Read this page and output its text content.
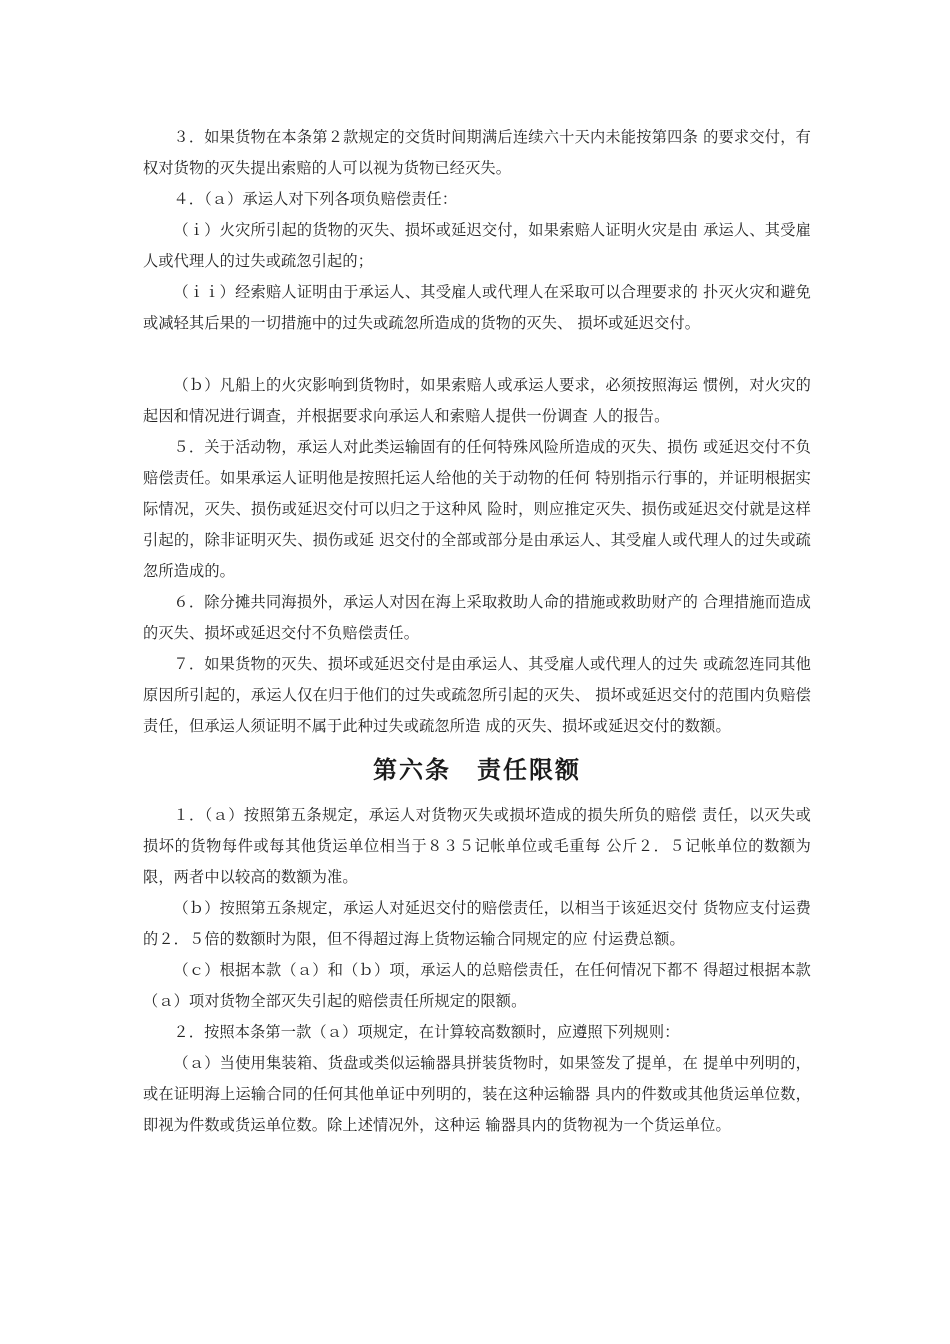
３．如果货物在本条第２款规定的交货时间期满后连续六十天内未能按第四条 的要求交付，有权对货物的灭失提出索赔的人可以视为货物已经灭失。

４．（ａ）承运人对下列各项负赔偿责任：

（ｉ）火灾所引起的货物的灭失、损坏或延迟交付，如果索赔人证明火灾是由 承运人、其受雇人或代理人的过失或疏忽引起的；

（ｉｉ）经索赔人证明由于承运人、其受雇人或代理人在采取可以合理要求的 扑灭火灾和避免或减轻其后果的一切措施中的过失或疏忽所造成的货物的灭失、 损坏或延迟交付。

（ｂ）凡船上的火灾影响到货物时，如果索赔人或承运人要求，必须按照海运 惯例，对火灾的起因和情况进行调查，并根据要求向承运人和索赔人提供一份调查 人的报告。

５．关于活动物，承运人对此类运输固有的任何特殊风险所造成的灭失、损伤 或延迟交付不负赔偿责任。如果承运人证明他是按照托运人给他的关于动物的任何 特别指示行事的，并证明根据实际情况，灭失、损伤或延迟交付可以归之于这种风 险时，则应推定灭失、损伤或延迟交付就是这样引起的，除非证明灭失、损伤或延 迟交付的全部或部分是由承运人、其受雇人或代理人的过失或疏忽所造成的。

６．除分摊共同海损外，承运人对因在海上采取救助人命的措施或救助财产的 合理措施而造成的灭失、损坏或延迟交付不负赔偿责任。

７．如果货物的灭失、损坏或延迟交付是由承运人、其受雇人或代理人的过失 或疏忽连同其他原因所引起的，承运人仅在归于他们的过失或疏忽所引起的灭失、 损坏或延迟交付的范围内负赔偿责任，但承运人须证明不属于此种过失或疏忽所造 成的灭失、损坏或延迟交付的数额。

第六条　责任限额

１．（ａ）按照第五条规定，承运人对货物灭失或损坏造成的损失所负的赔偿 责任，以灭失或损坏的货物每件或每其他货运单位相当于８３５记帐单位或毛重每 公斤２．５记帐单位的数额为限，两者中以较高的数额为准。

（ｂ）按照第五条规定，承运人对延迟交付的赔偿责任，以相当于该延迟交付 货物应支付运费的２．５倍的数额时为限，但不得超过海上货物运输合同规定的应 付运费总额。

（ｃ）根据本款（ａ）和（ｂ）项，承运人的总赔偿责任，在任何情况下都不 得超过根据本款（ａ）项对货物全部灭失引起的赔偿责任所规定的限额。

２．按照本条第一款（ａ）项规定，在计算较高数额时，应遵照下列规则：

（ａ）当使用集装箱、货盘或类似运输器具拼装货物时，如果签发了提单，在 提单中列明的，或在证明海上运输合同的任何其他单证中列明的，装在这种运输器 具内的件数或其他货运单位数，即视为件数或货运单位数。除上述情况外，这种运 输器具内的货物视为一个货运单位。
